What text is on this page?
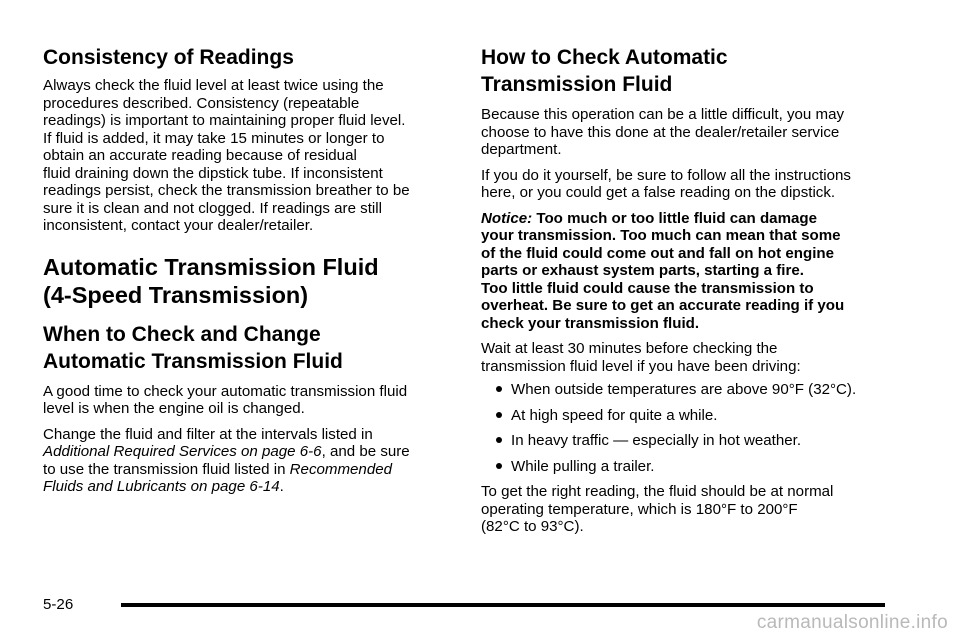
Consistency of Readings

Always check the fluid level at least twice using the
procedures described. Consistency (repeatable
readings) is important to maintaining proper fluid level.
If fluid is added, it may take 15 minutes or longer to
obtain an accurate reading because of residual
fluid draining down the dipstick tube. If inconsistent
readings persist, check the transmission breather to be
sure it is clean and not clogged. If readings are still
inconsistent, contact your dealer/retailer.

Automatic Transmission Fluid
(4-Speed Transmission)
When to Check and Change
Automatic Transmission Fluid

A good time to check your automatic transmission fluid
level is when the engine oil is changed.

Change the fluid and filter at the intervals listed in
Additional Required Services on page 6-6, and be sure
to use the transmission fluid listed in Recommended
Fluids and Lubricants on page 6-14.

How to Check Automatic
Transmission Fluid

Because this operation can be a little difficult, you may
choose to have this done at the dealer/retailer service
department.

If you do it yourself, be sure to follow all the instructions
here, or you could get a false reading on the dipstick.

Notice: Too much or too little fluid can damage
your transmission. Too much can mean that some
of the fluid could come out and fall on hot engine
parts or exhaust system parts, starting a fire.
Too little fluid could cause the transmission to
overheat. Be sure to get an accurate reading if you
check your transmission fluid.

Wait at least 30 minutes before checking the
transmission fluid level if you have been driving:

When outside temperatures are above 90°F (32°C).
At high speed for quite a while.
In heavy traffic — especially in hot weather.
While pulling a trailer.

To get the right reading, the fluid should be at normal
operating temperature, which is 180°F to 200°F
(82°C to 93°C).

5-26
carmanualsonline.info
